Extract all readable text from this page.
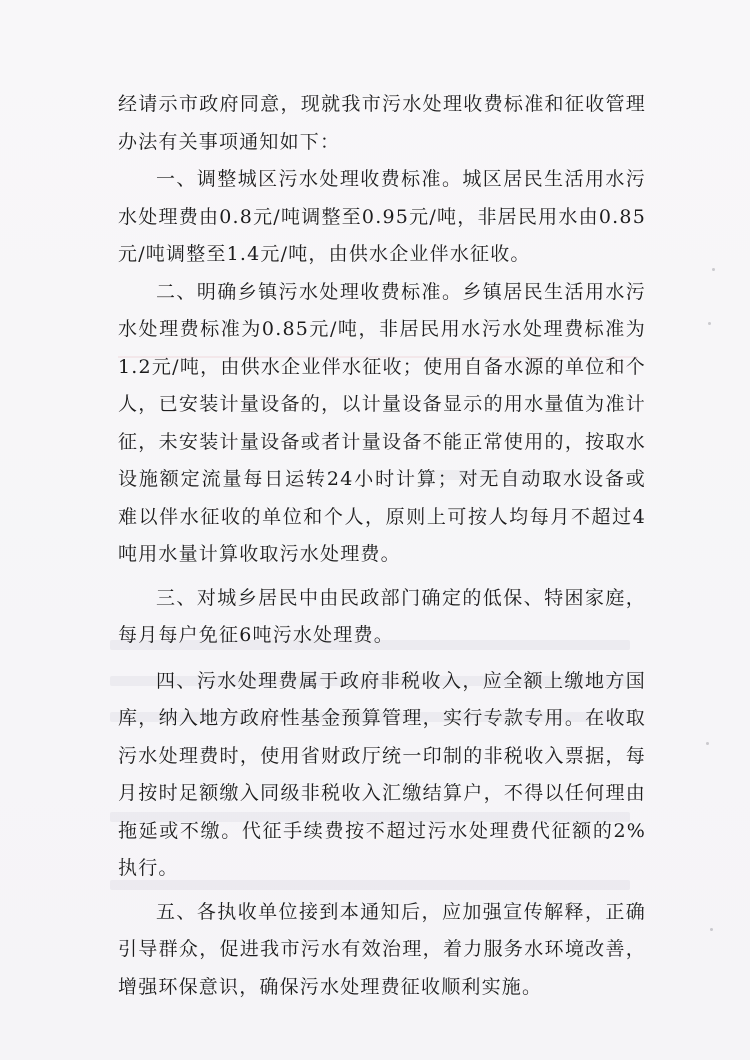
经请示市政府同意，现就我市污水处理收费标准和征收管理办法有关事项通知如下：

一、调整城区污水处理收费标准。城区居民生活用水污水处理费由0.8元/吨调整至0.95元/吨，非居民用水由0.85元/吨调整至1.4元/吨，由供水企业伴水征收。

二、明确乡镇污水处理收费标准。乡镇居民生活用水污水处理费标准为0.85元/吨，非居民用水污水处理费标准为1.2元/吨，由供水企业伴水征收；使用自备水源的单位和个人，已安装计量设备的，以计量设备显示的用水量值为准计征，未安装计量设备或者计量设备不能正常使用的，按取水设施额定流量每日运转24小时计算；对无自动取水设备或难以伴水征收的单位和个人，原则上可按人均每月不超过4吨用水量计算收取污水处理费。

三、对城乡居民中由民政部门确定的低保、特困家庭，每月每户免征6吨污水处理费。

四、污水处理费属于政府非税收入，应全额上缴地方国库，纳入地方政府性基金预算管理，实行专款专用。在收取污水处理费时，使用省财政厅统一印制的非税收入票据，每月按时足额缴入同级非税收入汇缴结算户，不得以任何理由拖延或不缴。代征手续费按不超过污水处理费代征额的2%执行。

五、各执收单位接到本通知后，应加强宣传解释，正确引导群众，促进我市污水有效治理，着力服务水环境改善，增强环保意识，确保污水处理费征收顺利实施。
